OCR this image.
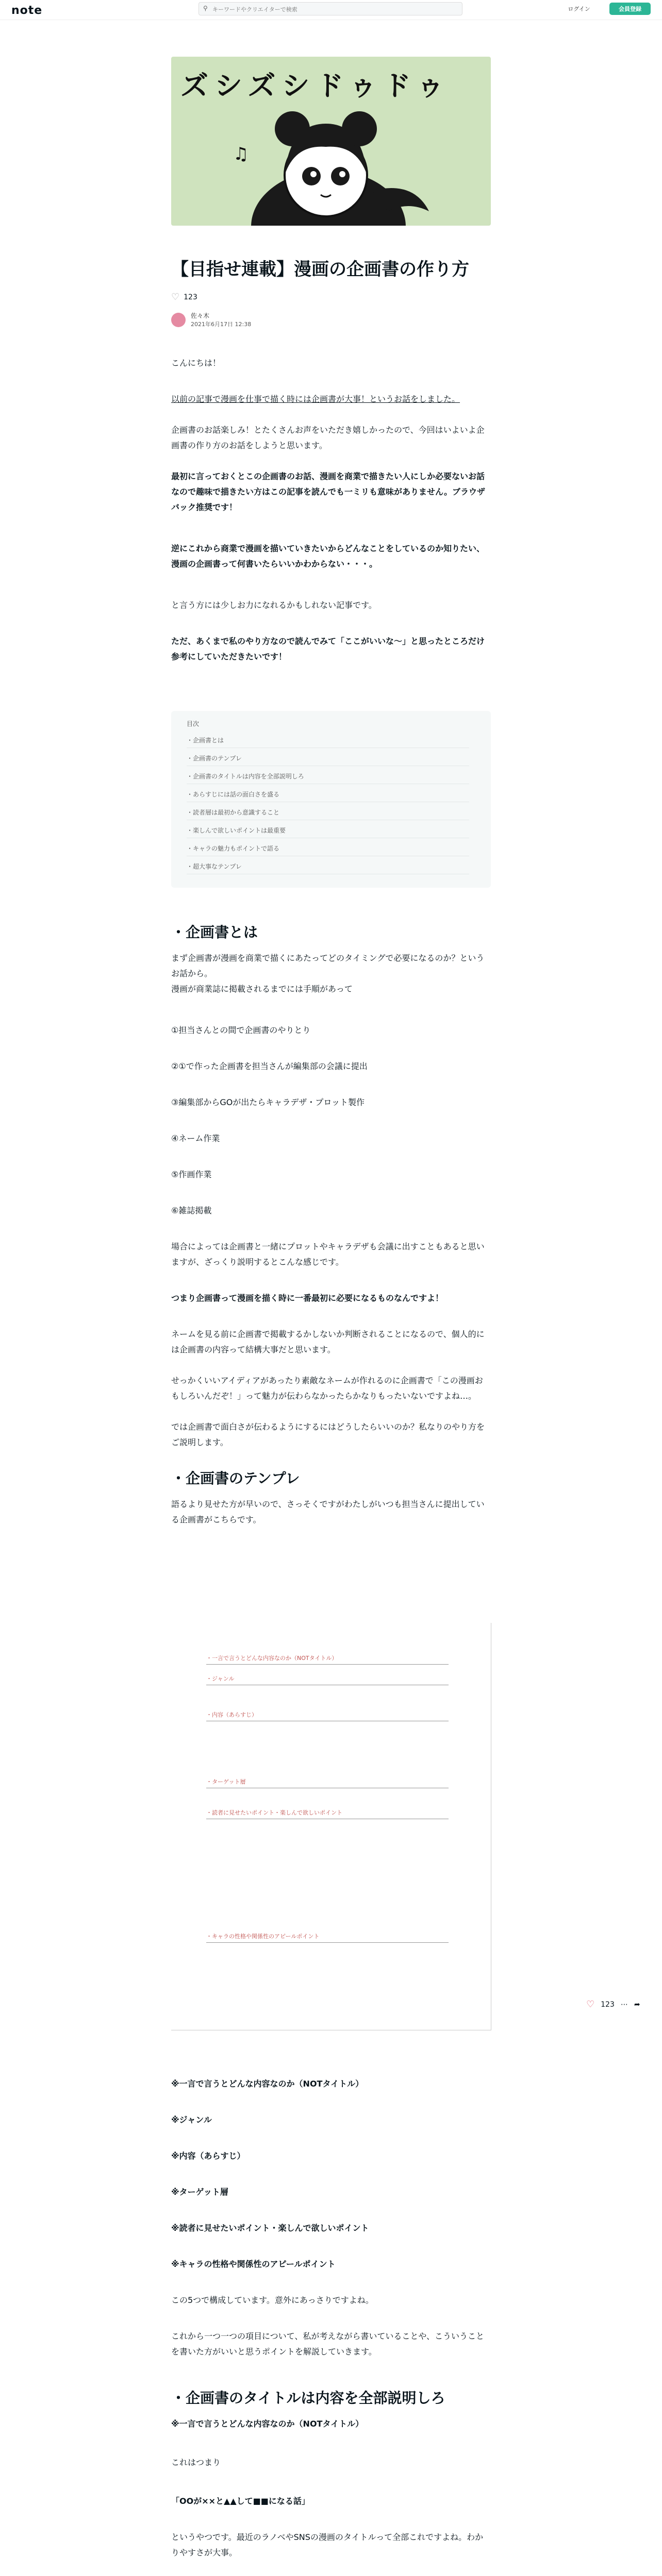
note	⚲
キーワードやクリエイターで検索	ログイン	会員登録
ズシズシドゥドゥ
♫
【目指せ連載】漫画の企画書の作り方
♡ 123
佐々木
2021年6月17日 12:38
こんにちは！
以前の記事で漫画を仕事で描く時には企画書が大事！というお話をしました。
企画書のお話楽しみ！とたくさんお声をいただき嬉しかったので、今回はいよいよ企画書の作り方のお話をしようと思います。
最初に言っておくとこの企画書のお話、漫画を商業で描きたい人にしか必要ないお話なので趣味で描きたい方はこの記事を読んでも一ミリも意味がありません。ブラウザバック推奨です！
逆にこれから商業で漫画を描いていきたいからどんなことをしているのか知りたい、漫画の企画書って何書いたらいいかわからない・・・。
と言う方には少しお力になれるかもしれない記事です。
ただ、あくまで私のやり方なので読んでみて「ここがいいな〜」と思ったところだけ参考にしていただきたいです！
目次
・企画書とは
・企画書のテンプレ
・企画書のタイトルは内容を全部説明しろ
・あらすじには話の面白さを盛る
・読者層は最初から意識すること
・楽しんで欲しいポイントは最重要
・キャラの魅力もポイントで語る
・超大事なテンプレ
・企画書とは
まず企画書が漫画を商業で描くにあたってどのタイミングで必要になるのか？というお話から。
漫画が商業誌に掲載されるまでには手順があって
①担当さんとの間で企画書のやりとり
②①で作った企画書を担当さんが編集部の会議に提出
③編集部からGOが出たらキャラデザ・プロット製作
④ネーム作業
⑤作画作業
⑥雑誌掲載
場合によっては企画書と一緒にプロットやキャラデザも会議に出すこともあると思いますが、ざっくり説明するとこんな感じです。
つまり企画書って漫画を描く時に一番最初に必要になるものなんですよ！
ネームを見る前に企画書で掲載するかしないか判断されることになるので、個人的には企画書の内容って結構大事だと思います。
せっかくいいアイディアがあったり素敵なネームが作れるのに企画書で「この漫画おもしろいんだぞ！」って魅力が伝わらなかったらかなりもったいないですよね…。
では企画書で面白さが伝わるようにするにはどうしたらいいのか？私なりのやり方をご説明します。
・企画書のテンプレ
語るより見せた方が早いので、さっそくですがわたしがいつも担当さんに提出している企画書がこちらです。
・一言で言うとどんな内容なのか（NOTタイトル）
・ジャンル
・内容（あらすじ）
・ターゲット層
・読者に見せたいポイント・楽しんで欲しいポイント
・キャラの性格や関係性のアピールポイント
♡ 123 ⋯ ➦
※一言で言うとどんな内容なのか（NOTタイトル）
※ジャンル
※内容（あらすじ）
※ターゲット層
※読者に見せたいポイント・楽しんで欲しいポイント
※キャラの性格や関係性のアピールポイント
この5つで構成しています。意外にあっさりですよね。
これから一つ一つの項目について、私が考えながら書いていることや、こういうことを書いた方がいいと思うポイントを解説していきます。
・企画書のタイトルは内容を全部説明しろ
※一言で言うとどんな内容なのか（NOTタイトル）
これはつまり
「OOが××と▲▲して■■になる話」
というやつです。最近のラノベやSNSの漫画のタイトルって全部これですよね。わかりやすさが大事。
